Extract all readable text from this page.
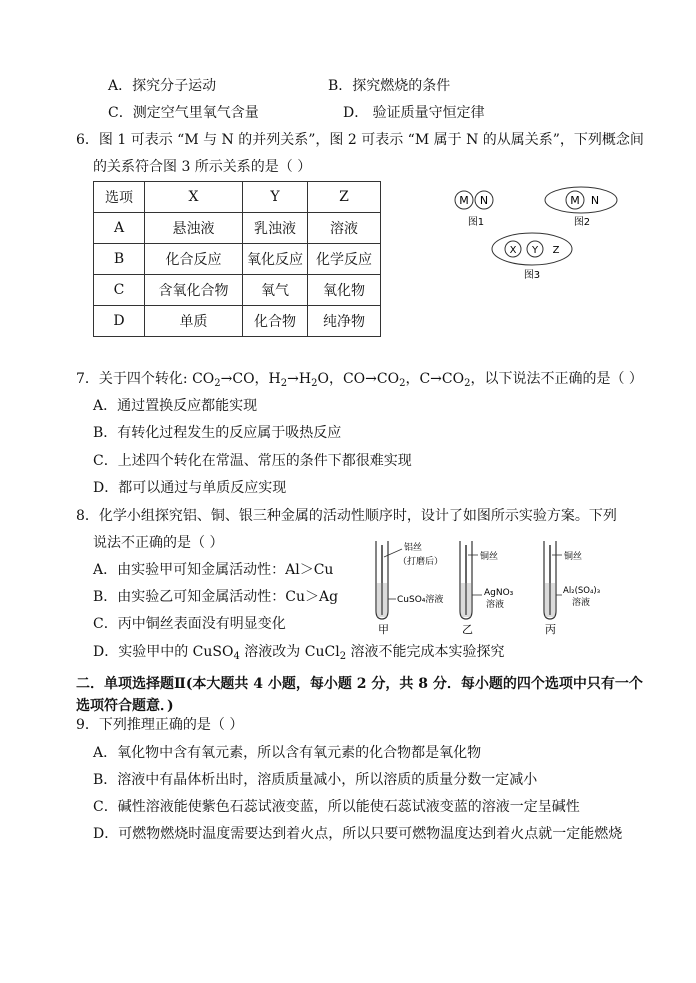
A．探究分子运动	B．探究燃烧的条件
C．测定空气里氧气含量	D． 验证质量守恒定律
6．图 1 可表示 “M 与 N 的并列关系”，图 2 可表示 “M 属于 N 的从属关系”，下列概念间
的关系符合图 3 所示关系的是（ ）
选项	X	Y	Z
A	悬浊液	乳浊液	溶液
B	化合反应	氧化反应	化学反应
C	含氧化合物	氧气	氧化物
D	单质	化合物	纯净物
M N
图1
M N
图2
X Y Z
图3
7．关于四个转化: $CO_2\to CO$，$H_2\to H_2O$，$CO\to CO_2$，$C\to CO_2$，以下说法不正确的是（ ）
A．通过置换反应都能实现
B．有转化过程发生的反应属于吸热反应
C．上述四个转化在常温、常压的条件下都很难实现
D．都可以通过与单质反应实现
8．化学小组探究铝、铜、银三种金属的活动性顺序时，设计了如图所示实验方案。下列
说法不正确的是（ ）
A．由实验甲可知金属活动性：Al＞Cu
B．由实验乙可知金属活动性：Cu＞Ag
C．丙中铜丝表面没有明显变化
D．实验甲中的 CuSO$_4$ 溶液改为 CuCl$_2$ 溶液不能完成本实验探究
铝丝
（打磨后）
CuSO₄溶液
甲
铜丝
AgNO₃
溶液
乙
铜丝
Al₂(SO₄)₃
溶液
丙
二．单项选择题Ⅱ(本大题共 4 小题，每小题 2 分，共 8 分．每小题的四个选项中只有一个
选项符合题意．)
9．下列推理正确的是（ ）
A．氧化物中含有氧元素，所以含有氧元素的化合物都是氧化物
B．溶液中有晶体析出时，溶质质量减小，所以溶质的质量分数一定减小
C．碱性溶液能使紫色石蕊试液变蓝，所以能使石蕊试液变蓝的溶液一定呈碱性
D．可燃物燃烧时温度需要达到着火点，所以只要可燃物温度达到着火点就一定能燃烧
